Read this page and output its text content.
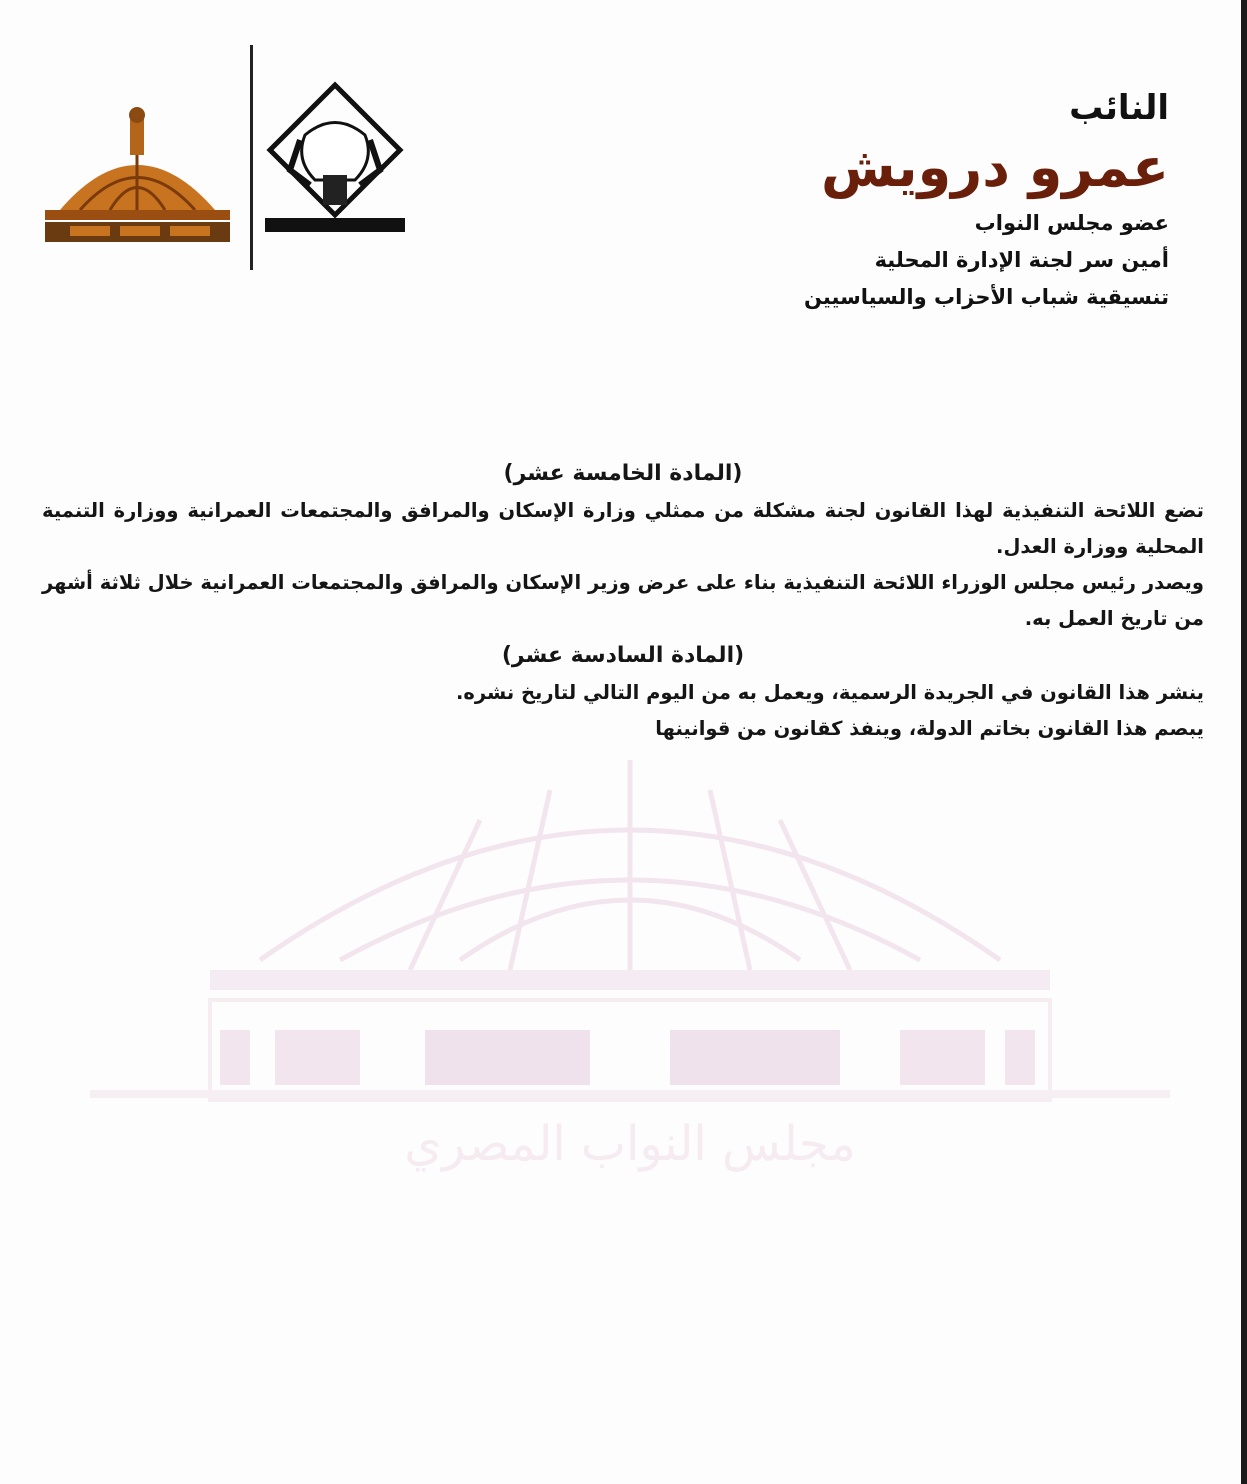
مجلس النواب المصري
النائب
عمرو درويش
عضو مجلس النواب
أمين سر لجنة الإدارة المحلية
تنسيقية شباب الأحزاب والسياسيين
(المادة الخامسة عشر)
تضع اللائحة التنفيذية لهذا القانون لجنة مشكلة من ممثلي وزارة الإسكان والمرافق والمجتمعات العمرانية ووزارة التنمية المحلية ووزارة العدل.
ويصدر رئيس مجلس الوزراء اللائحة التنفيذية بناء على عرض وزير الإسكان والمرافق والمجتمعات العمرانية خلال ثلاثة أشهر من تاريخ العمل به.
(المادة السادسة عشر)
ينشر هذا القانون في الجريدة الرسمية، ويعمل به من اليوم التالي لتاريخ نشره.
يبصم هذا القانون بخاتم الدولة، وينفذ كقانون من قوانينها
